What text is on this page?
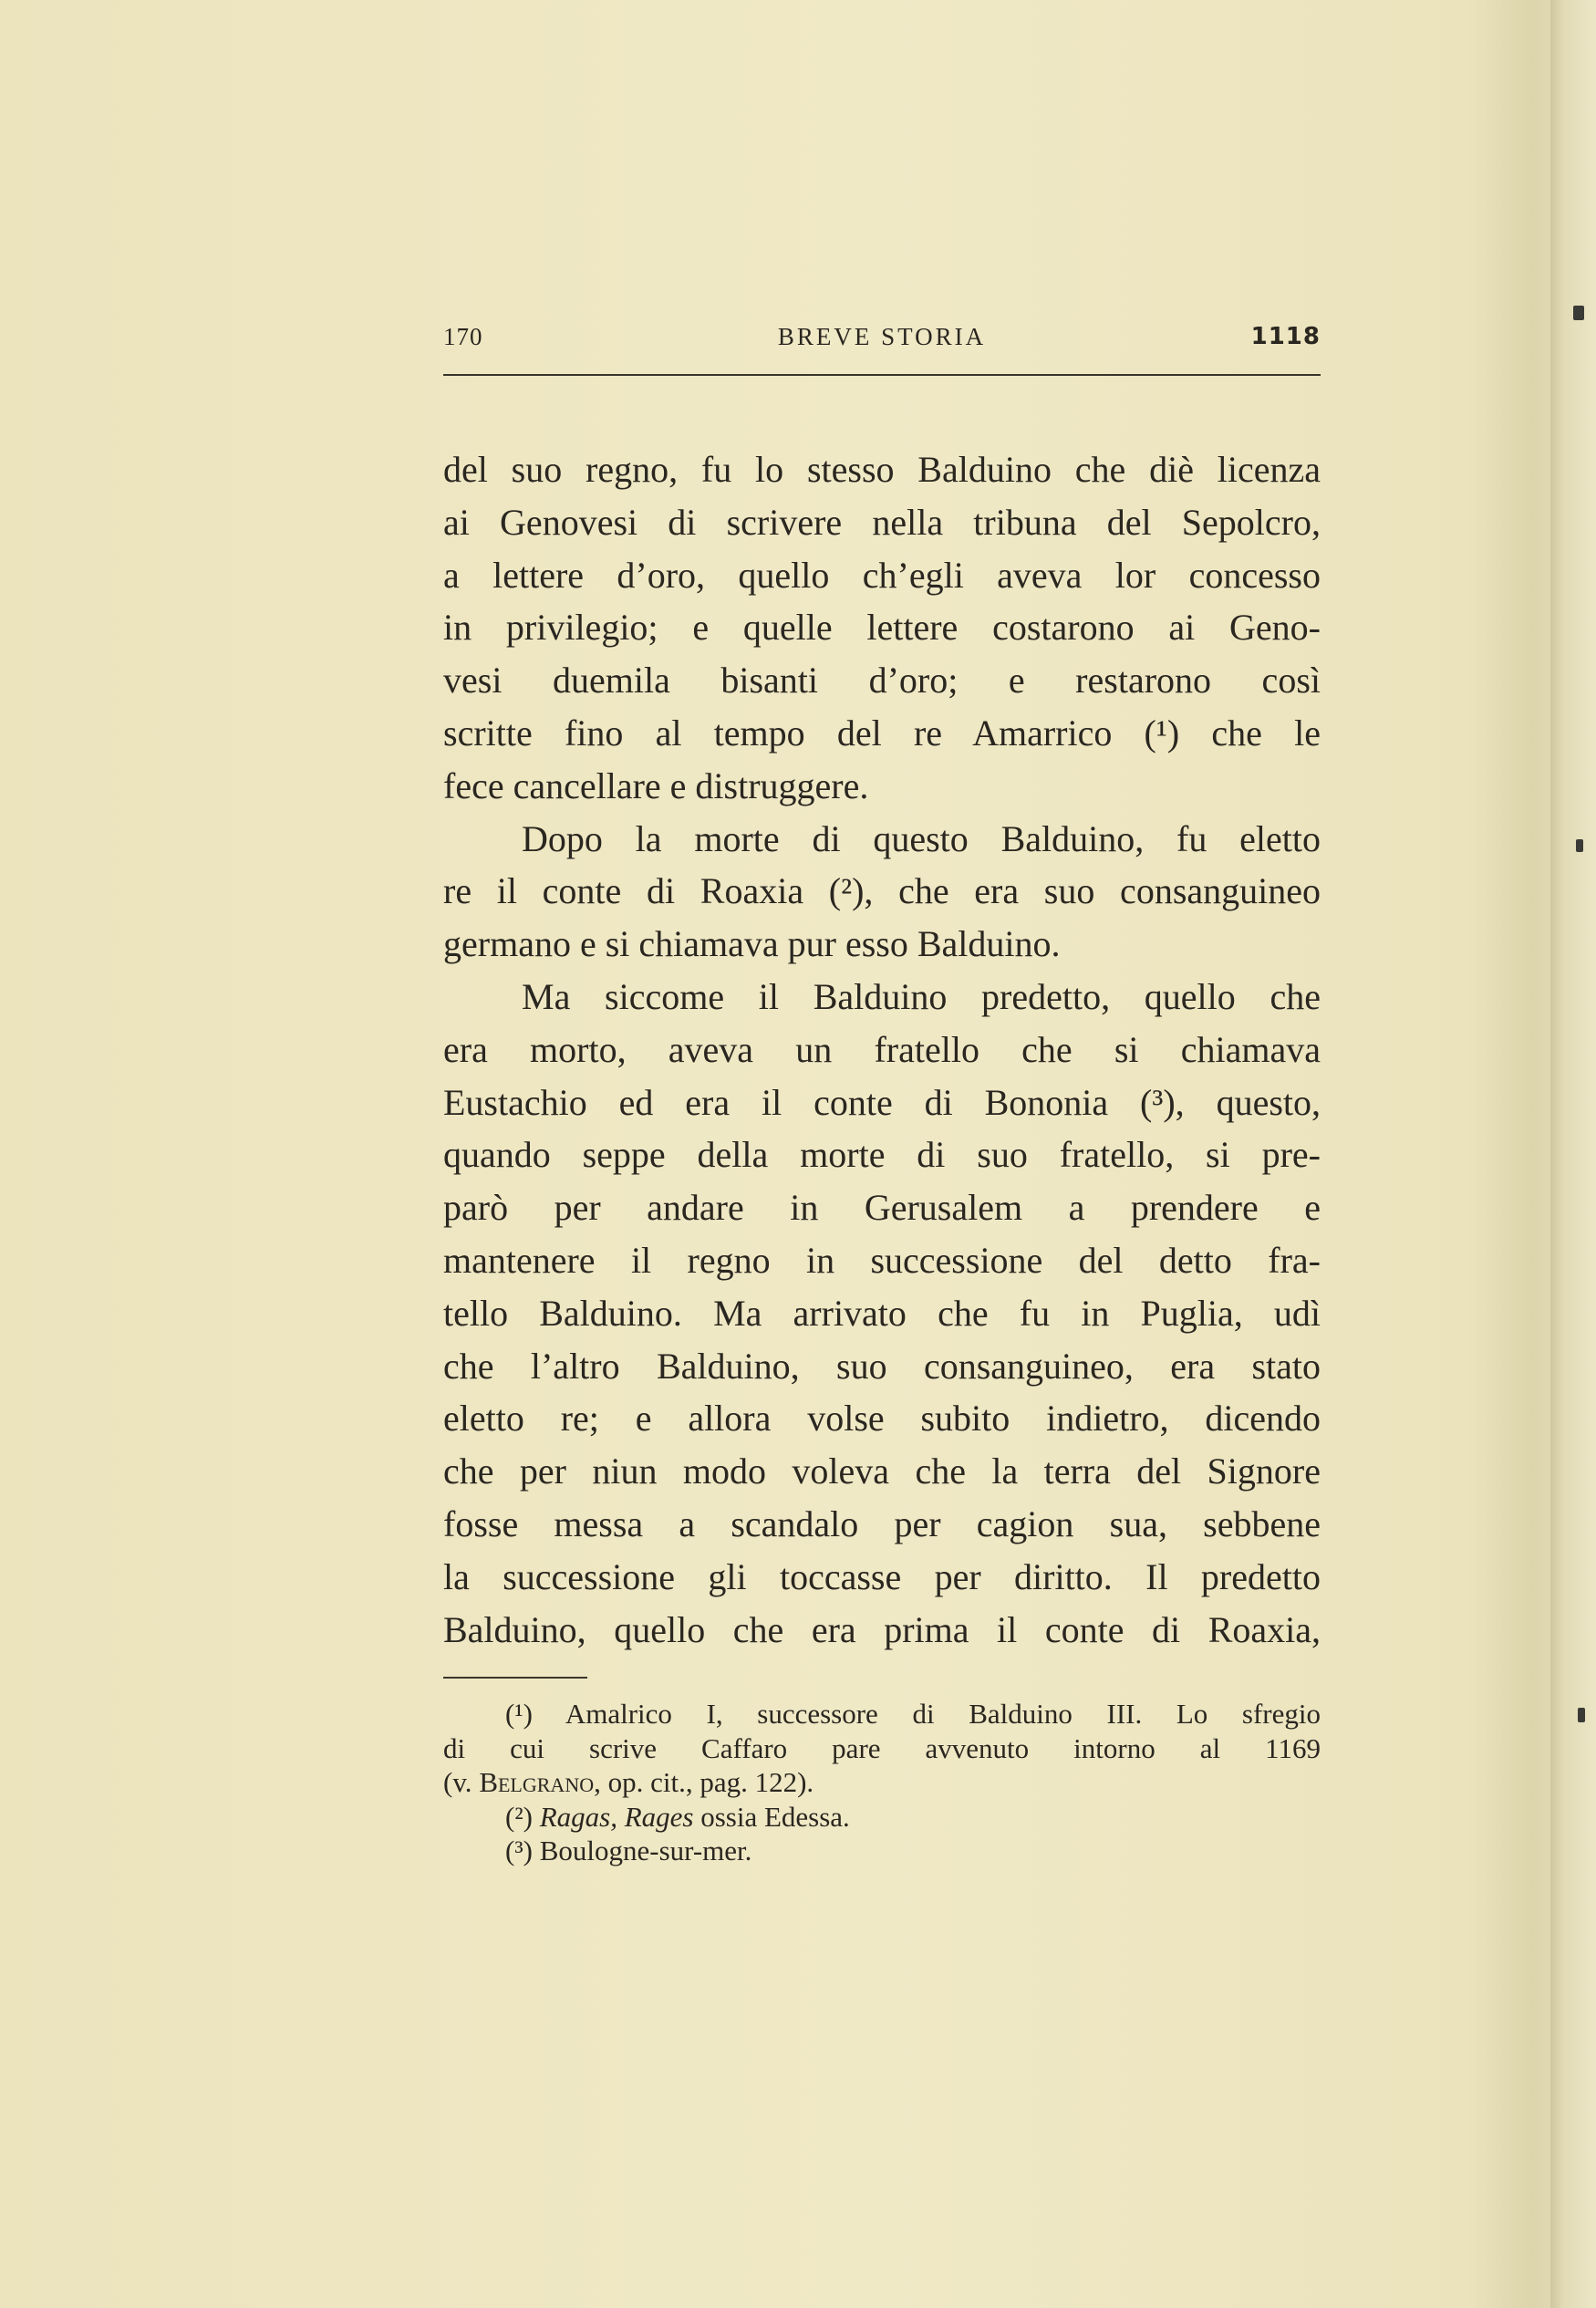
170	BREVE STORIA	1118
del suo regno, fu lo stesso Balduino che diè licenza
ai Genovesi di scrivere nella tribuna del Sepolcro,
a lettere d’oro, quello ch’egli aveva lor concesso
in privilegio; e quelle lettere costarono ai Geno-
vesi duemila bisanti d’oro; e restarono così
scritte fino al tempo del re Amarrico (¹) che le
fece cancellare e distruggere.
Dopo la morte di questo Balduino, fu eletto
re il conte di Roaxia (²), che era suo consanguineo
germano e si chiamava pur esso Balduino.
Ma siccome il Balduino predetto, quello che
era morto, aveva un fratello che si chiamava
Eustachio ed era il conte di Bononia (³), questo,
quando seppe della morte di suo fratello, si pre-
parò per andare in Gerusalem a prendere e
mantenere il regno in successione del detto fra-
tello Balduino. Ma arrivato che fu in Puglia, udì
che l’altro Balduino, suo consanguineo, era stato
eletto re; e allora volse subito indietro, dicendo
che per niun modo voleva che la terra del Signore
fosse messa a scandalo per cagion sua, sebbene
la successione gli toccasse per diritto. Il predetto
Balduino, quello che era prima il conte di Roaxia,
(¹) Amalrico I, successore di Balduino III. Lo sfregio
di cui scrive Caffaro pare avvenuto intorno al 1169
(v. Belgrano, op. cit., pag. 122).
(²) Ragas, Rages ossia Edessa.
(³) Boulogne-sur-mer.
